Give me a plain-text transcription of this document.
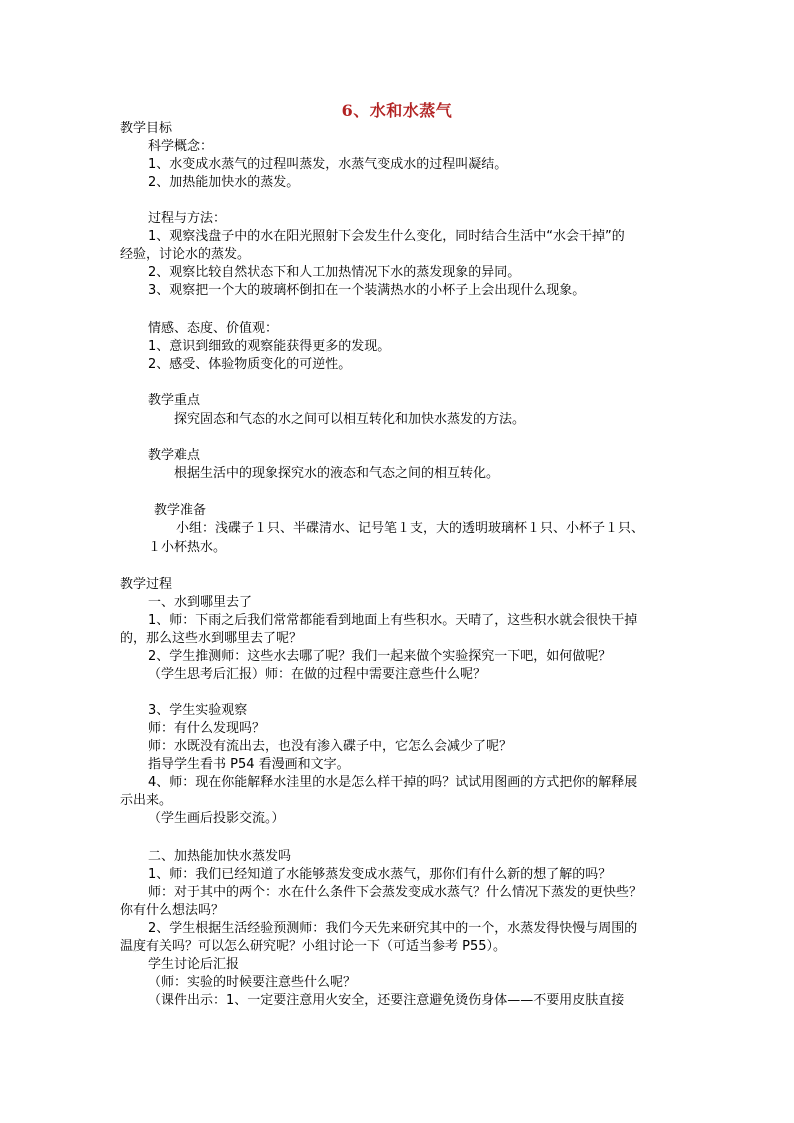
6、水和水蒸气
教学目标
科学概念：
1、水变成水蒸气的过程叫蒸发，水蒸气变成水的过程叫凝结。
2、加热能加快水的蒸发。
过程与方法：
1、观察浅盘子中的水在阳光照射下会发生什么变化，同时结合生活中“水会干掉”的
经验，讨论水的蒸发。
2、观察比较自然状态下和人工加热情况下水的蒸发现象的异同。
3、观察把一个大的玻璃杯倒扣在一个装满热水的小杯子上会出现什么现象。
情感、态度、价值观：
1、意识到细致的观察能获得更多的发现。
2、感受、体验物质变化的可逆性。
教学重点
探究固态和气态的水之间可以相互转化和加快水蒸发的方法。
教学难点
根据生活中的现象探究水的液态和气态之间的相互转化。
教学准备
小组：浅碟子１只、半碟清水、记号笔１支，大的透明玻璃杯１只、小杯子１只、
１小杯热水。
教学过程
一、水到哪里去了
1、师：下雨之后我们常常都能看到地面上有些积水。天晴了，这些积水就会很快干掉
的，那么这些水到哪里去了呢？
2、学生推测师：这些水去哪了呢？我们一起来做个实验探究一下吧，如何做呢？
（学生思考后汇报）师：在做的过程中需要注意些什么呢？
3、学生实验观察
师：有什么发现吗？
师：水既没有流出去，也没有渗入碟子中，它怎么会减少了呢？
指导学生看书 P54 看漫画和文字。
4、师：现在你能解释水洼里的水是怎么样干掉的吗？试试用图画的方式把你的解释展
示出来。
（学生画后投影交流。）
二、加热能加快水蒸发吗
1、师：我们已经知道了水能够蒸发变成水蒸气，那你们有什么新的想了解的吗？
师：对于其中的两个：水在什么条件下会蒸发变成水蒸气？什么情况下蒸发的更快些？
你有什么想法吗？
2、学生根据生活经验预测师：我们今天先来研究其中的一个，水蒸发得快慢与周围的
温度有关吗？可以怎么研究呢？小组讨论一下（可适当参考 P55）。
学生讨论后汇报
（师：实验的时候要注意些什么呢？
（课件出示：1、一定要注意用火安全，还要注意避免烫伤身体——不要用皮肤直接
